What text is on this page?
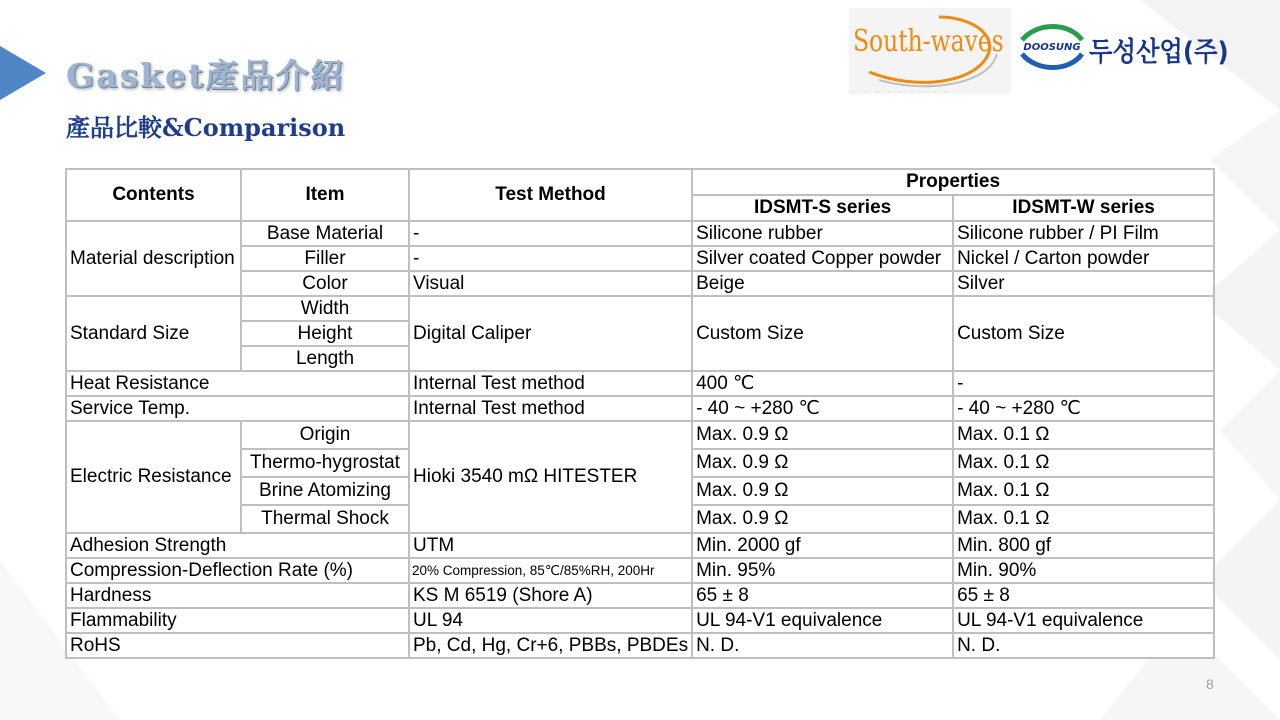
Gasket產品介紹
產品比較&Comparison
South-waves
· · · · · · · · ·
DOOSUNG 두성산업(주)
Contents	Item	Test Method	Properties	
			IDSMT-S series	IDSMT-W series
Material description	Base Material	-	Silicone rubber	Silicone rubber / PI Film
	Filler	-	Silver coated Copper powder	Nickel / Carton powder
	Color	Visual	Beige	Silver
Standard Size	Width	Digital Caliper	Custom Size	Custom Size
	Height			
	Length			
Heat Resistance		Internal Test method	400 ℃	-
Service Temp.		Internal Test method	- 40 ~ +280 ℃	- 40 ~ +280 ℃
Electric Resistance	Origin	Hioki 3540 mΩ HITESTER	Max. 0.9 Ω	Max. 0.1 Ω
	Thermo-hygrostat		Max. 0.9 Ω	Max. 0.1 Ω
	Brine Atomizing		Max. 0.9 Ω	Max. 0.1 Ω
	Thermal Shock		Max. 0.9 Ω	Max. 0.1 Ω
Adhesion Strength		UTM	Min. 2000 gf	Min. 800 gf
Compression-Deflection Rate (%)		20% Compression, 85℃/85%RH, 200Hr	Min. 95%	Min. 90%
Hardness		KS M 6519 (Shore A)	65 ± 8	65 ± 8
Flammability		UL 94	UL 94-V1 equivalence	UL 94-V1 equivalence
RoHS		Pb, Cd, Hg, Cr+6, PBBs, PBDEs	N. D.	N. D.
8
